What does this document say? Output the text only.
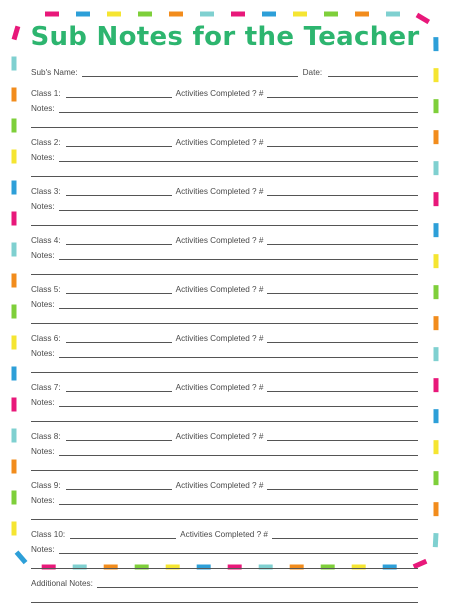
Sub Notes for the Teacher
Sub's Name:	Date:
Class 1:	Activities Completed ? #
Notes:
Class 2:	Activities Completed ? #
Notes:
Class 3:	Activities Completed ? #
Notes:
Class 4:	Activities Completed ? #
Notes:
Class 5:	Activities Completed ? #
Notes:
Class 6:	Activities Completed ? #
Notes:
Class 7:	Activities Completed ? #
Notes:
Class 8:	Activities Completed ? #
Notes:
Class 9:	Activities Completed ? #
Notes:
Class 10:	Activities Completed ? #
Notes:
Additional Notes:
